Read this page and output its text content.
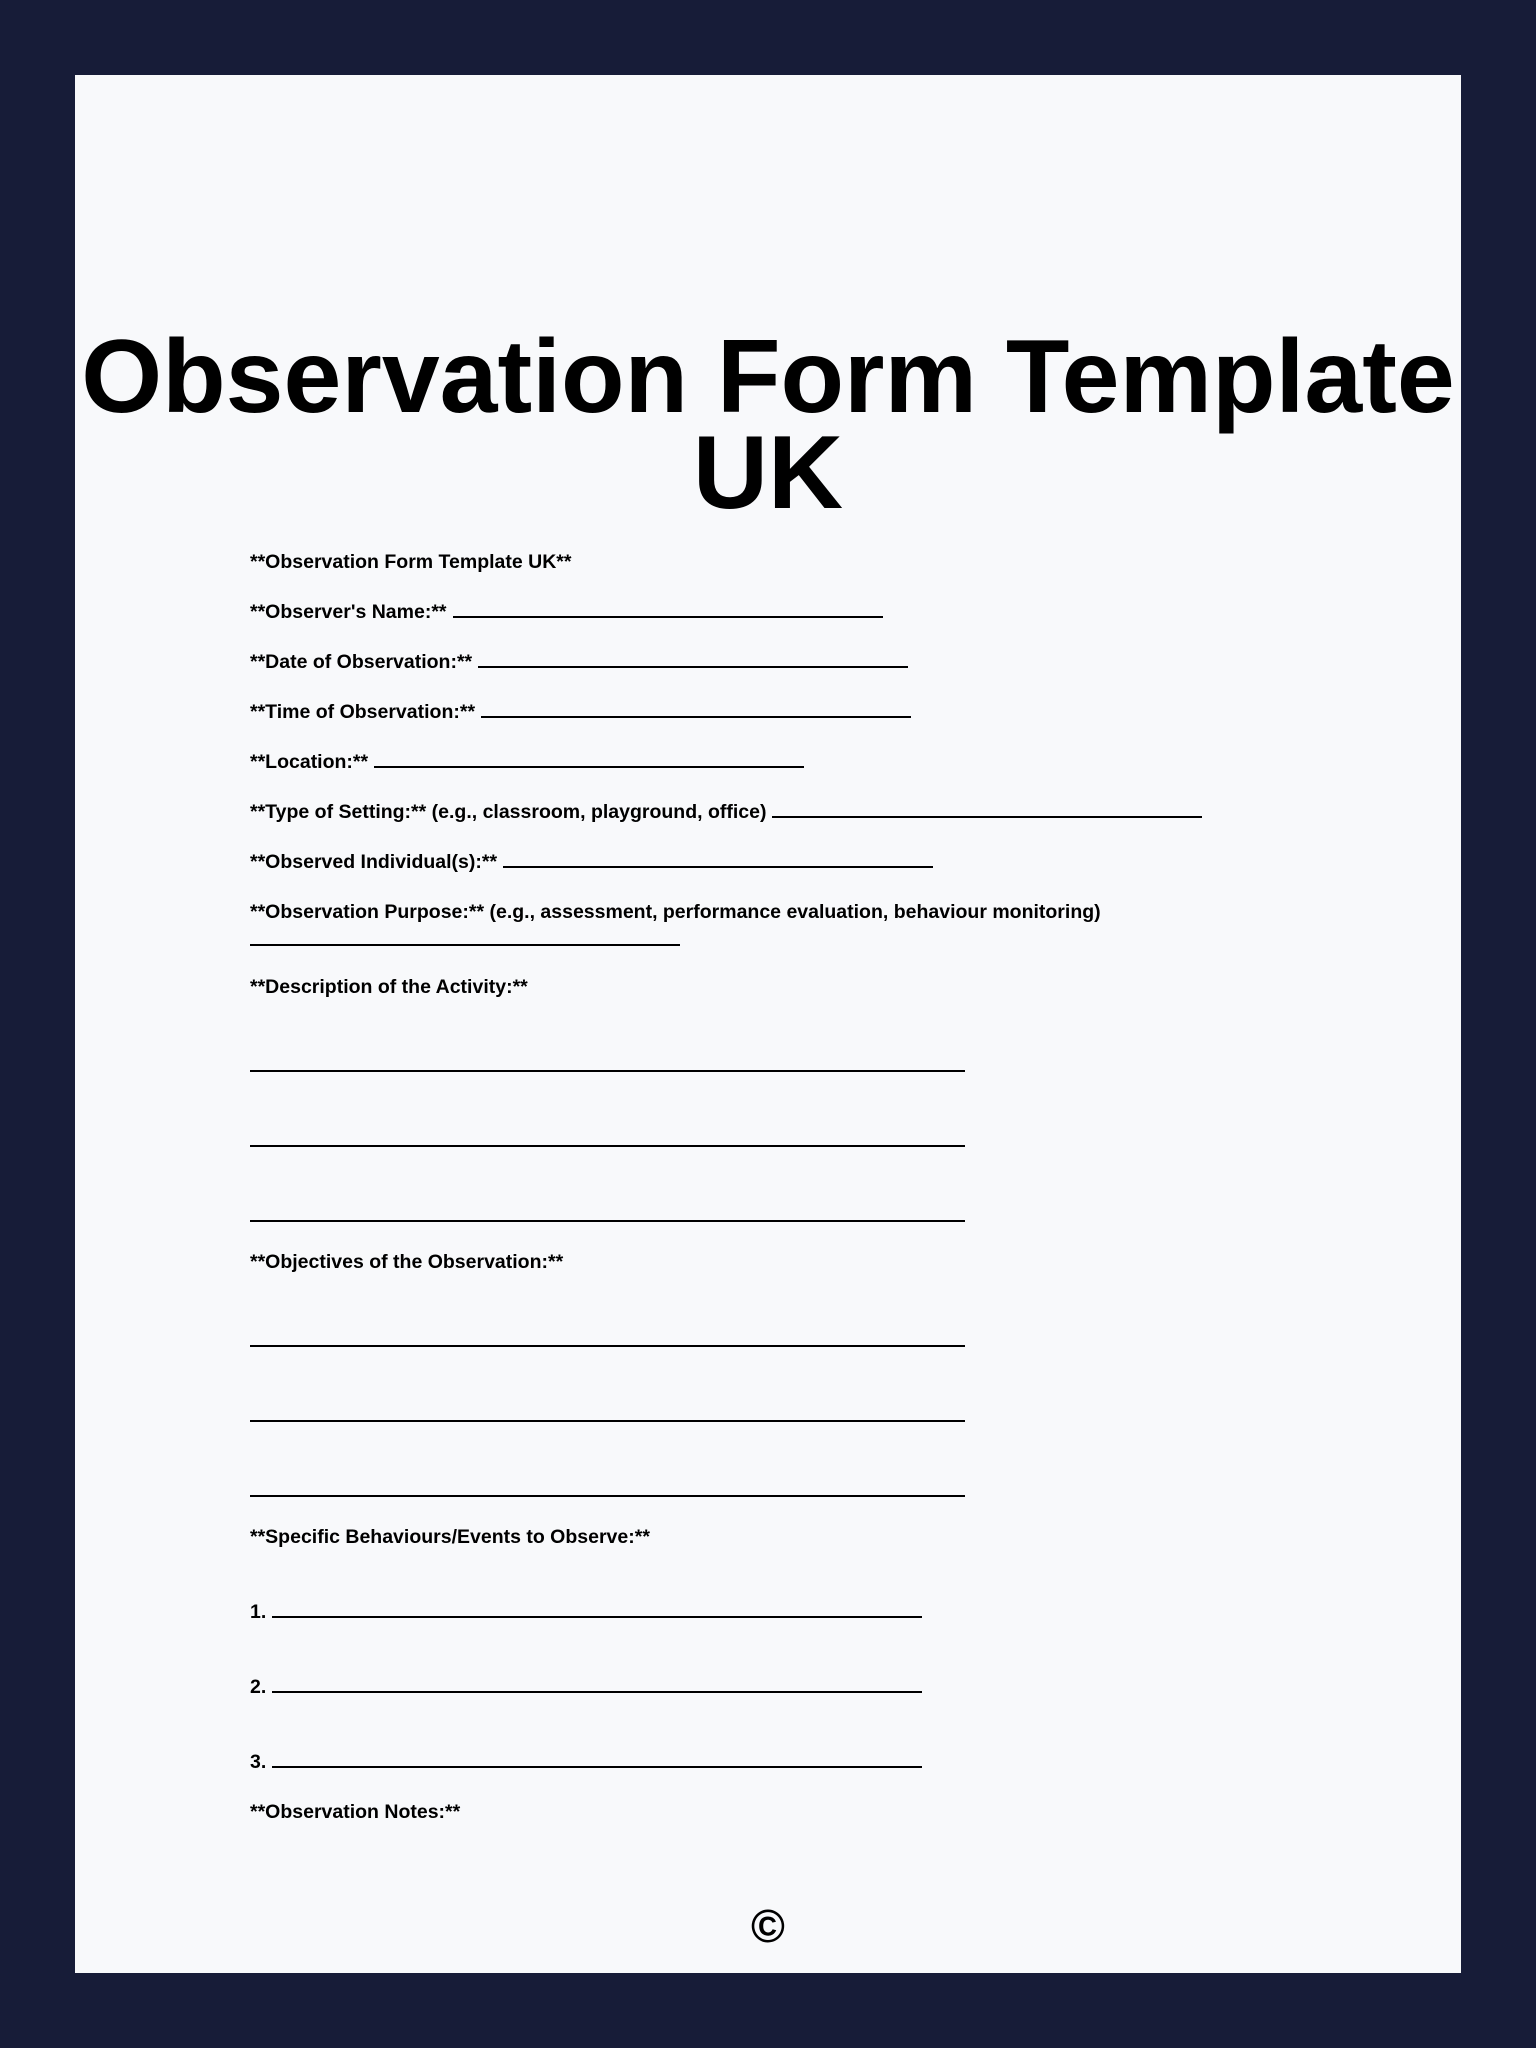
Observation Form Template UK
**Observation Form Template UK**
**Observer's Name:**
**Date of Observation:**
**Time of Observation:**
**Location:**
**Type of Setting:** (e.g., classroom, playground, office)
**Observed Individual(s):**
**Observation Purpose:** (e.g., assessment, performance evaluation, behaviour monitoring)
**Description of the Activity:**
**Objectives of the Observation:**
**Specific Behaviours/Events to Observe:**
1.
2.
3.
**Observation Notes:**
©
